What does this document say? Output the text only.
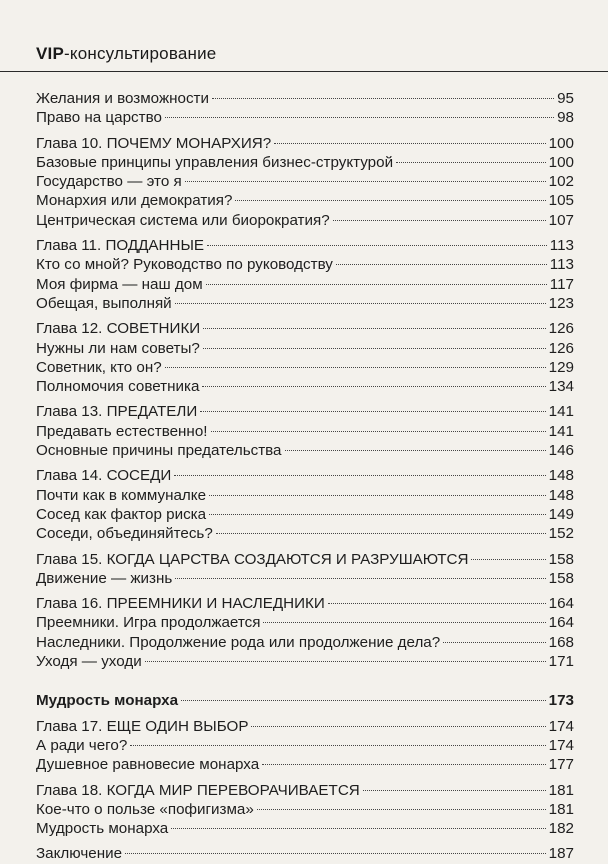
VIP-консультирование
Желания и возможности	95
Право на царство	98
Глава 10. ПОЧЕМУ МОНАРХИЯ?	100
Базовые принципы управления бизнес-структурой	100
Государство — это я	102
Монархия или демократия?	105
Центрическая система или биорократия?	107
Глава 11. ПОДДАННЫЕ	113
Кто со мной? Руководство по руководству	113
Моя фирма — наш дом	117
Обещая, выполняй	123
Глава 12. СОВЕТНИКИ	126
Нужны ли нам советы?	126
Советник, кто он?	129
Полномочия советника	134
Глава 13. ПРЕДАТЕЛИ	141
Предавать естественно!	141
Основные причины предательства	146
Глава 14. СОСЕДИ	148
Почти как в коммуналке	148
Сосед как фактор риска	149
Соседи, объединяйтесь?	152
Глава 15. КОГДА ЦАРСТВА СОЗДАЮТСЯ И РАЗРУШАЮТСЯ	158
Движение — жизнь	158
Глава 16. ПРЕЕМНИКИ И НАСЛЕДНИКИ	164
Преемники. Игра продолжается	164
Наследники. Продолжение рода или продолжение дела?	168
Уходя — уходи	171
Мудрость монарха	173
Глава 17. ЕЩЕ ОДИН ВЫБОР	174
А ради чего?	174
Душевное равновесие монарха	177
Глава 18. КОГДА МИР ПЕРЕВОРАЧИВАЕТСЯ	181
Кое-что о пользе «пофигизма»	181
Мудрость монарха	182
Заключение	187
